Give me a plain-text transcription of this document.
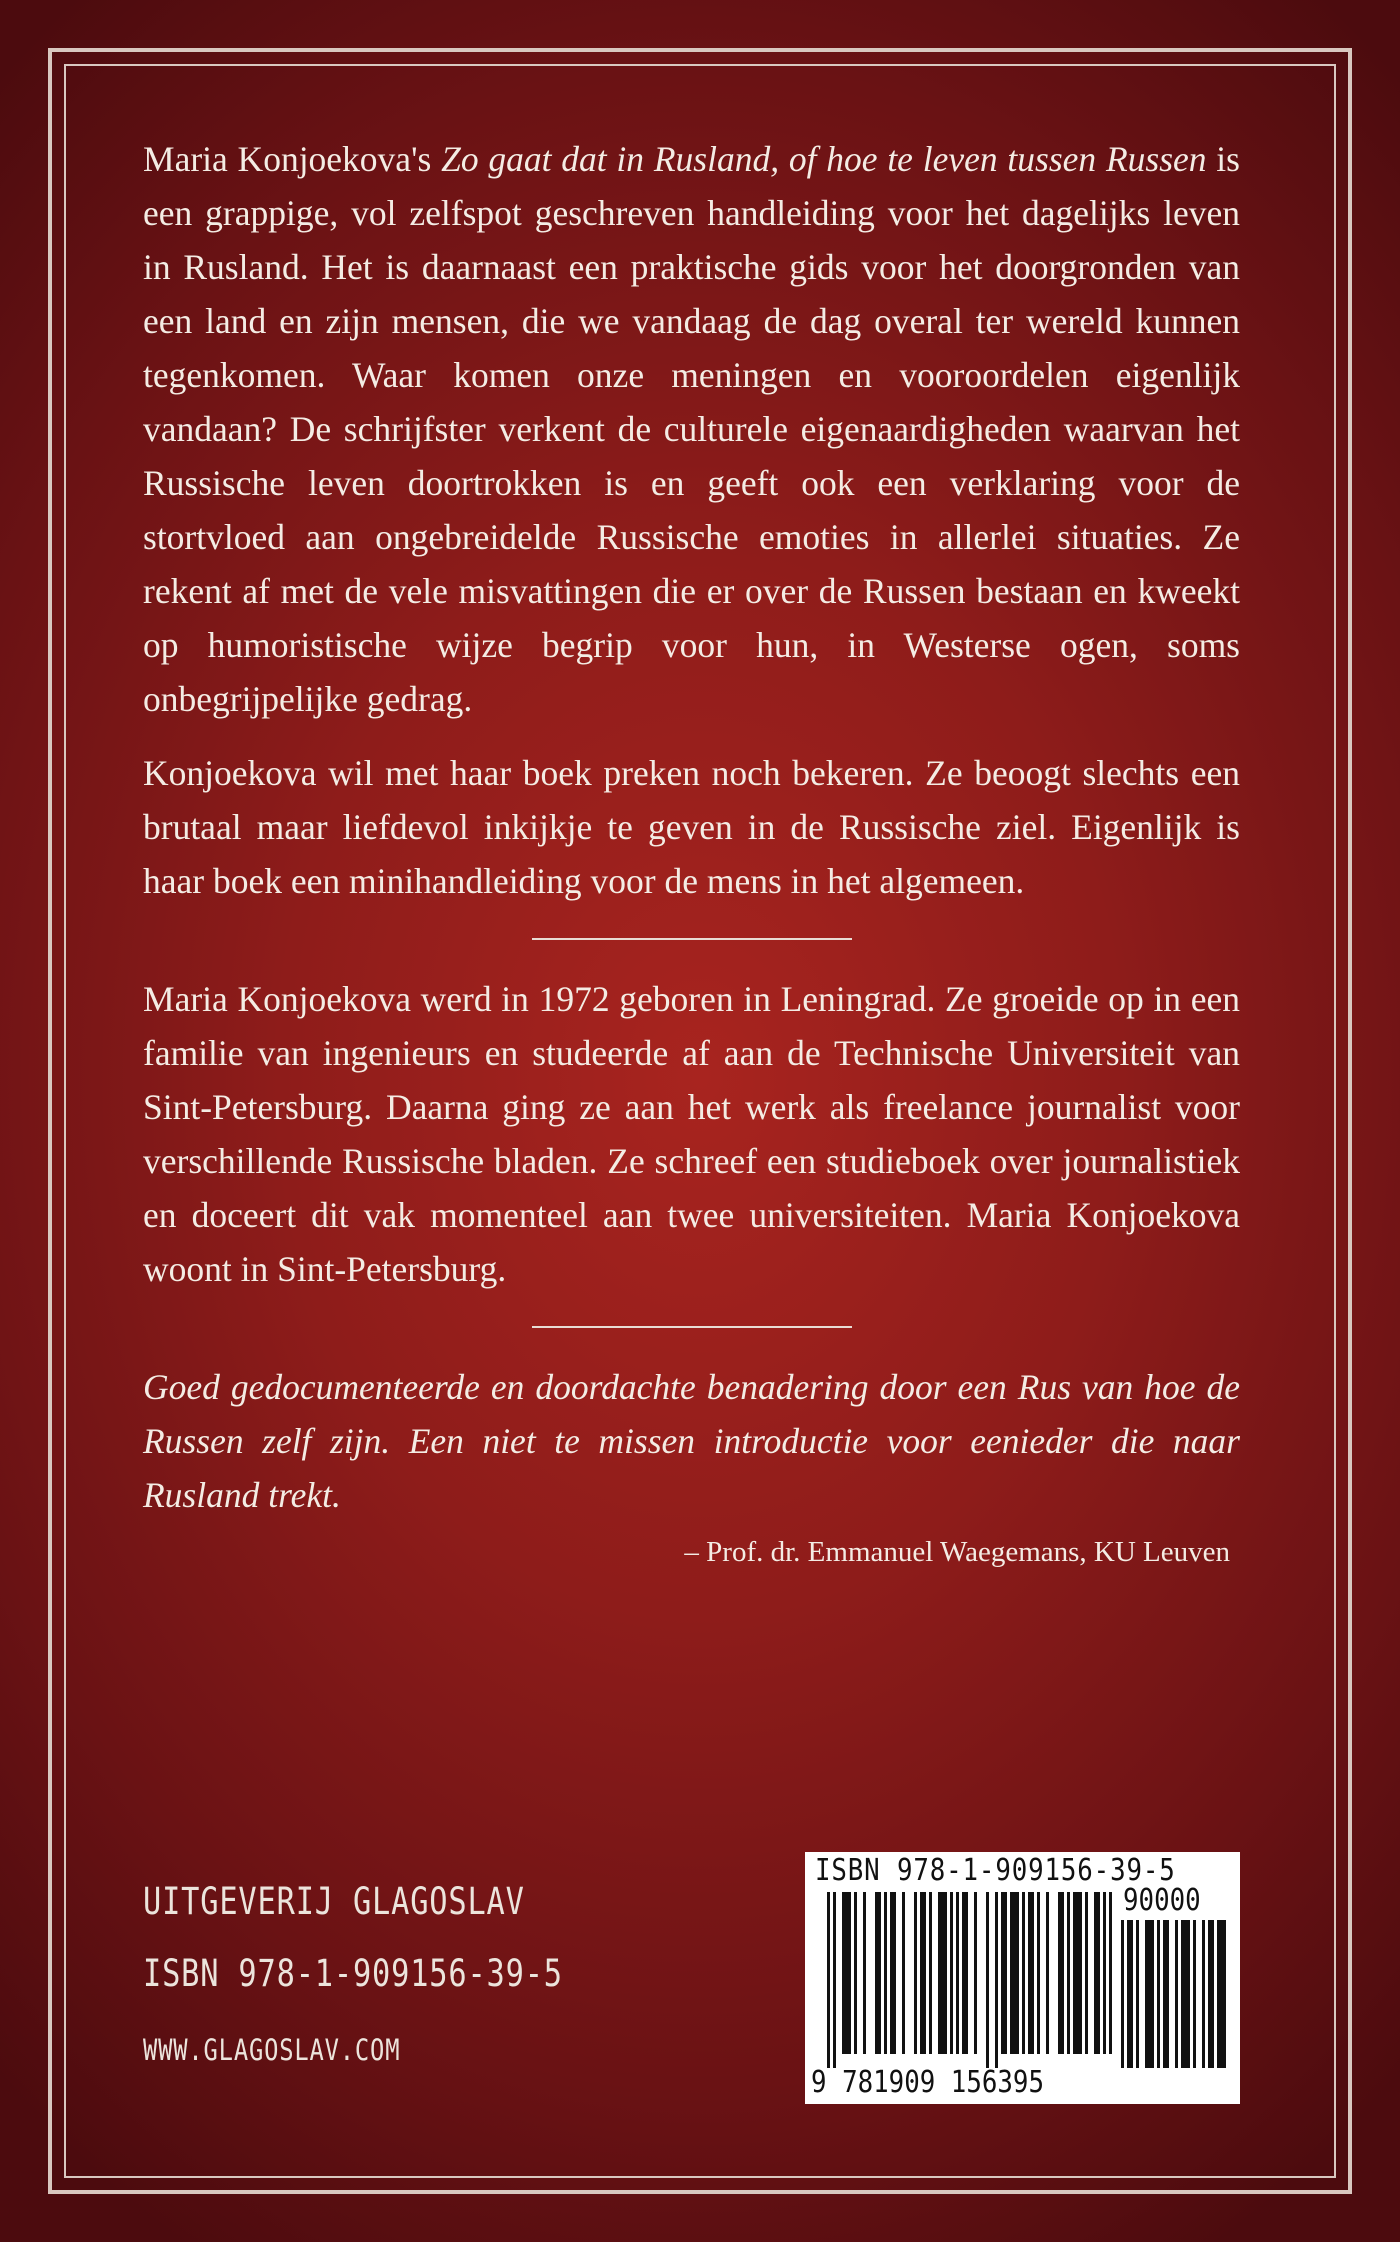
Maria Konjoekova's Zo gaat dat in Rusland, of hoe te leven tussen Russen is een grappige, vol zelfspot geschreven handleiding voor het dagelijks leven in Rusland. Het is daarnaast een praktische gids voor het doorgronden van een land en zijn mensen, die we vandaag de dag overal ter wereld kunnen tegenkomen. Waar komen onze meningen en vooroordelen eigenlijk vandaan? De schrijfster verkent de culturele eigenaardigheden waarvan het Russische leven doortrokken is en geeft ook een verklaring voor de stortvloed aan ongebreidelde Russische emoties in allerlei situaties. Ze rekent af met de vele misvattingen die er over de Russen bestaan en kweekt op humoristische wijze begrip voor hun, in Westerse ogen, soms onbegrijpelijke gedrag.

Konjoekova wil met haar boek preken noch bekeren. Ze beoogt slechts een brutaal maar liefdevol inkijkje te geven in de Russische ziel. Eigenlijk is haar boek een minihandleiding voor de mens in het algemeen.

Maria Konjoekova werd in 1972 geboren in Leningrad. Ze groeide op in een familie van ingenieurs en studeerde af aan de Technische Universiteit van Sint-Petersburg. Daarna ging ze aan het werk als freelance journalist voor verschillende Russische bladen. Ze schreef een studieboek over journalistiek en doceert dit vak momenteel aan twee universiteiten. Maria Konjoekova woont in Sint-Petersburg.

Goed gedocumenteerde en doordachte benadering door een Rus van hoe de Russen zelf zijn. Een niet te missen introductie voor eenieder die naar Rusland trekt.

– Prof. dr. Emmanuel Waegemans, KU Leuven
UITGEVERIJ GLAGOSLAV
ISBN 978-1-909156-39-5
WWW.GLAGOSLAV.COM
ISBN 978-1-909156-39-5
90000
9 781909 156395
